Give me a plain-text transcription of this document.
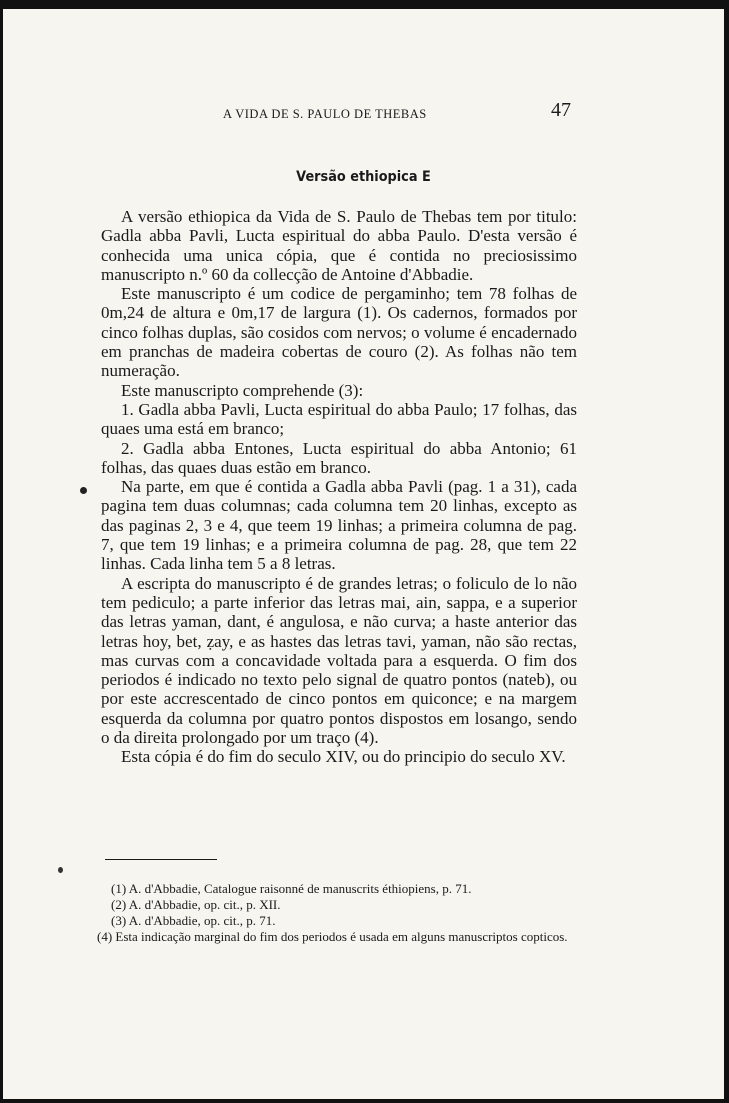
A VIDA DE S. PAULO DE THEBAS	47
Versão ethiopica E

A versão ethiopica da Vida de S. Paulo de Thebas tem por titulo: Gadla abba Pavli, Lucta espiritual do abba Paulo. D'esta versão é conhecida uma unica cópia, que é contida no preciosissimo manuscripto n.º 60 da collecção de Antoine d'Abbadie.

Este manuscripto é um codice de pergaminho; tem 78 folhas de 0m,24 de altura e 0m,17 de largura (1). Os cadernos, formados por cinco folhas duplas, são cosidos com nervos; o volume é encadernado em pranchas de madeira cobertas de couro (2). As folhas não tem numeração.

Este manuscripto comprehende (3):

1. Gadla abba Pavli, Lucta espiritual do abba Paulo; 17 folhas, das quaes uma está em branco;

2. Gadla abba Entones, Lucta espiritual do abba Antonio; 61 folhas, das quaes duas estão em branco.

Na parte, em que é contida a Gadla abba Pavli (pag. 1 a 31), cada pagina tem duas columnas; cada columna tem 20 linhas, excepto as das paginas 2, 3 e 4, que teem 19 linhas; a primeira columna de pag. 7, que tem 19 linhas; e a primeira columna de pag. 28, que tem 22 linhas. Cada linha tem 5 a 8 letras.

A escripta do manuscripto é de grandes letras; o foliculo de lo não tem pediculo; a parte inferior das letras mai, ain, sappa, e a superior das letras yaman, dant, é angulosa, e não curva; a haste anterior das letras hoy, bet, ẓay, e as hastes das letras tavi, yaman, não são rectas, mas curvas com a concavidade voltada para a esquerda. O fim dos periodos é indicado no texto pelo signal de quatro pontos (nateb), ou por este accrescentado de cinco pontos em quiconce; e na margem esquerda da columna por quatro pontos dispostos em losango, sendo o da direita prolongado por um traço (4).

Esta cópia é do fim do seculo XIV, ou do principio do seculo XV.

(1) A. d'Abbadie, Catalogue raisonné de manuscrits éthiopiens, p. 71.

(2) A. d'Abbadie, op. cit., p. XII.

(3) A. d'Abbadie, op. cit., p. 71.

(4) Esta indicação marginal do fim dos periodos é usada em alguns manuscriptos copticos.
